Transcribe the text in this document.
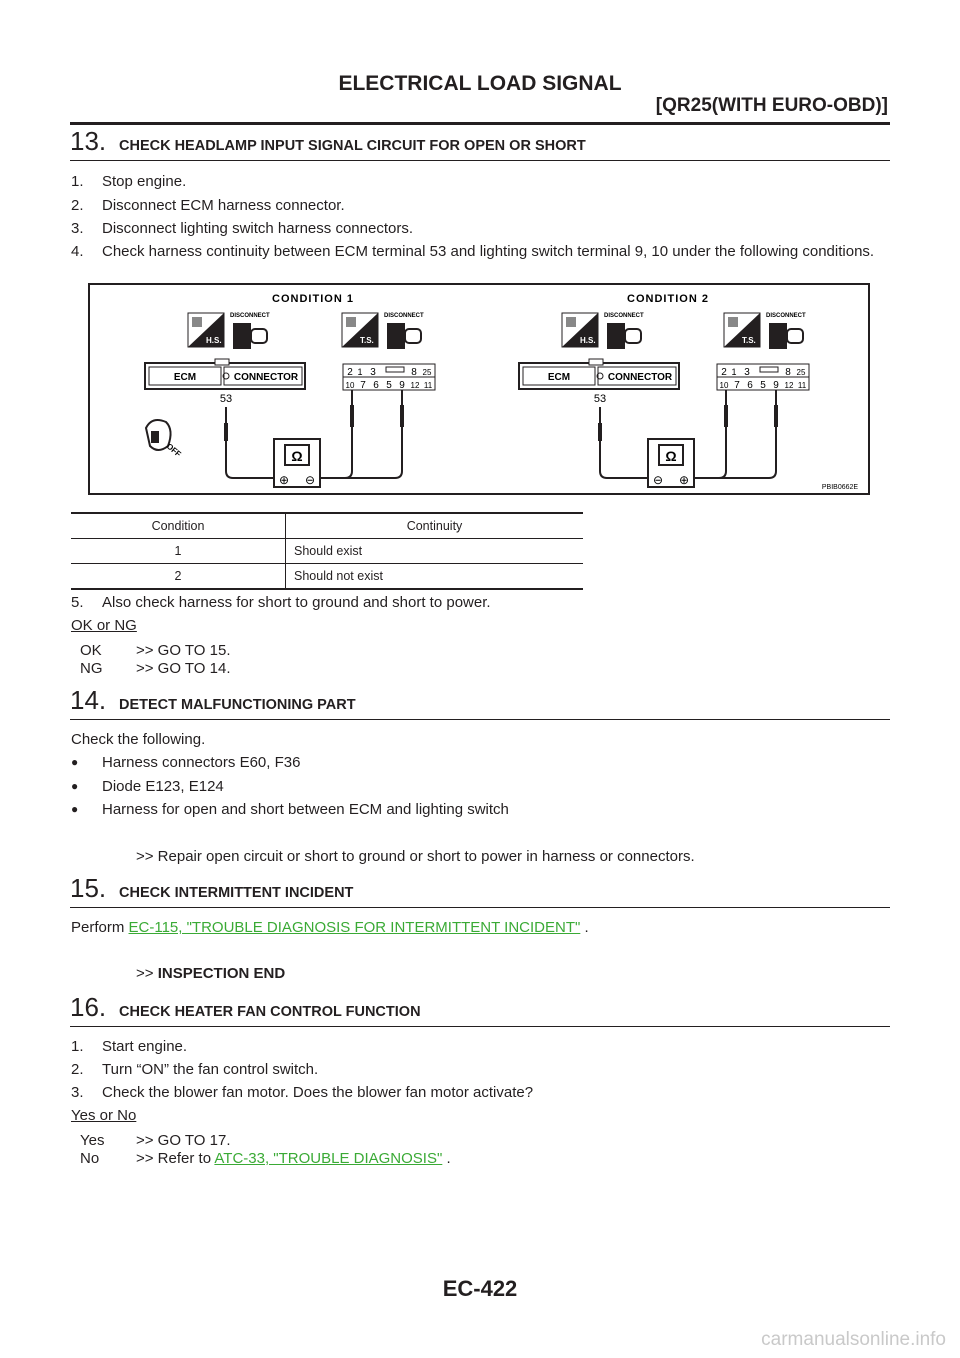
ELECTRICAL LOAD SIGNAL
[QR25(WITH EURO-OBD)]
13. CHECK HEADLAMP INPUT SIGNAL CIRCUIT FOR OPEN OR SHORT
1. Stop engine.
2. Disconnect ECM harness connector.
3. Disconnect lighting switch harness connectors.
4. Check harness continuity between ECM terminal 53 and lighting switch terminal 9, 10 under the following conditions.
CONDITION 1	CONDITION 2
H.S.
DISCONNECT
T.S.
DISCONNECT
ECM	CONNECTOR
53
2 1 3	8 25
10 7 6 5 9 12 11
OFF	Ω
⊕ ⊖
H.S.
DISCONNECT
T.S.
DISCONNECT
ECM	CONNECTOR
53
2 1 3	8 25
10 7 6 5 9 12 11
Ω
⊖ ⊕
PBIB0662E
Condition	Continuity
1	Should exist
2	Should not exist
5. Also check harness for short to ground and short to power.
OK or NG
OK >> GO TO 15.
NG >> GO TO 14.
14. DETECT MALFUNCTIONING PART
Check the following.
● Harness connectors E60, F36
● Diode E123, E124
● Harness for open and short between ECM and lighting switch
>> Repair open circuit or short to ground or short to power in harness or connectors.
15. CHECK INTERMITTENT INCIDENT
Perform EC-115, "TROUBLE DIAGNOSIS FOR INTERMITTENT INCIDENT" .
>> INSPECTION END
16. CHECK HEATER FAN CONTROL FUNCTION
1. Start engine.
2. Turn “ON” the fan control switch.
3. Check the blower fan motor. Does the blower fan motor activate?
Yes or No
Yes >> GO TO 17.
No >> Refer to ATC-33, "TROUBLE DIAGNOSIS" .
EC-422
carmanualsonline.info
